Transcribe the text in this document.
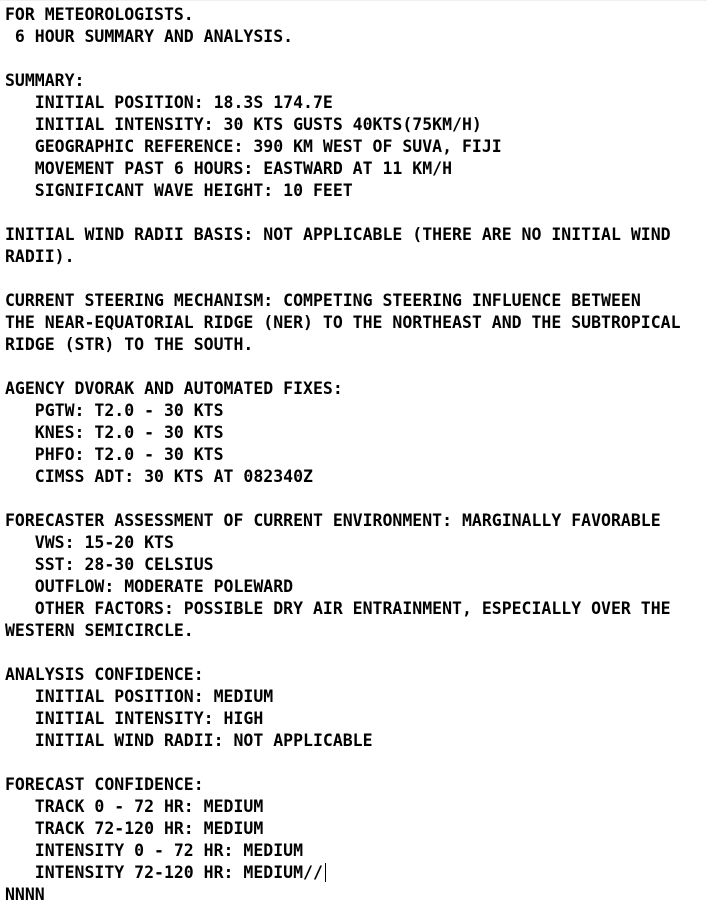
FOR METEOROLOGISTS.
6 HOUR SUMMARY AND ANALYSIS.
SUMMARY:
INITIAL POSITION: 18.3S 174.7E
INITIAL INTENSITY: 30 KTS GUSTS 40KTS(75KM/H)
GEOGRAPHIC REFERENCE: 390 KM WEST OF SUVA, FIJI
MOVEMENT PAST 6 HOURS: EASTWARD AT 11 KM/H
SIGNIFICANT WAVE HEIGHT: 10 FEET
INITIAL WIND RADII BASIS: NOT APPLICABLE (THERE ARE NO INITIAL WIND
RADII).
CURRENT STEERING MECHANISM: COMPETING STEERING INFLUENCE BETWEEN
THE NEAR-EQUATORIAL RIDGE (NER) TO THE NORTHEAST AND THE SUBTROPICAL
RIDGE (STR) TO THE SOUTH.
AGENCY DVORAK AND AUTOMATED FIXES:
PGTW: T2.0 - 30 KTS
KNES: T2.0 - 30 KTS
PHFO: T2.0 - 30 KTS
CIMSS ADT: 30 KTS AT 082340Z
FORECASTER ASSESSMENT OF CURRENT ENVIRONMENT: MARGINALLY FAVORABLE
VWS: 15-20 KTS
SST: 28-30 CELSIUS
OUTFLOW: MODERATE POLEWARD
OTHER FACTORS: POSSIBLE DRY AIR ENTRAINMENT, ESPECIALLY OVER THE
WESTERN SEMICIRCLE.
ANALYSIS CONFIDENCE:
INITIAL POSITION: MEDIUM
INITIAL INTENSITY: HIGH
INITIAL WIND RADII: NOT APPLICABLE
FORECAST CONFIDENCE:
TRACK 0 - 72 HR: MEDIUM
TRACK 72-120 HR: MEDIUM
INTENSITY 0 - 72 HR: MEDIUM
INTENSITY 72-120 HR: MEDIUM//
NNNN
